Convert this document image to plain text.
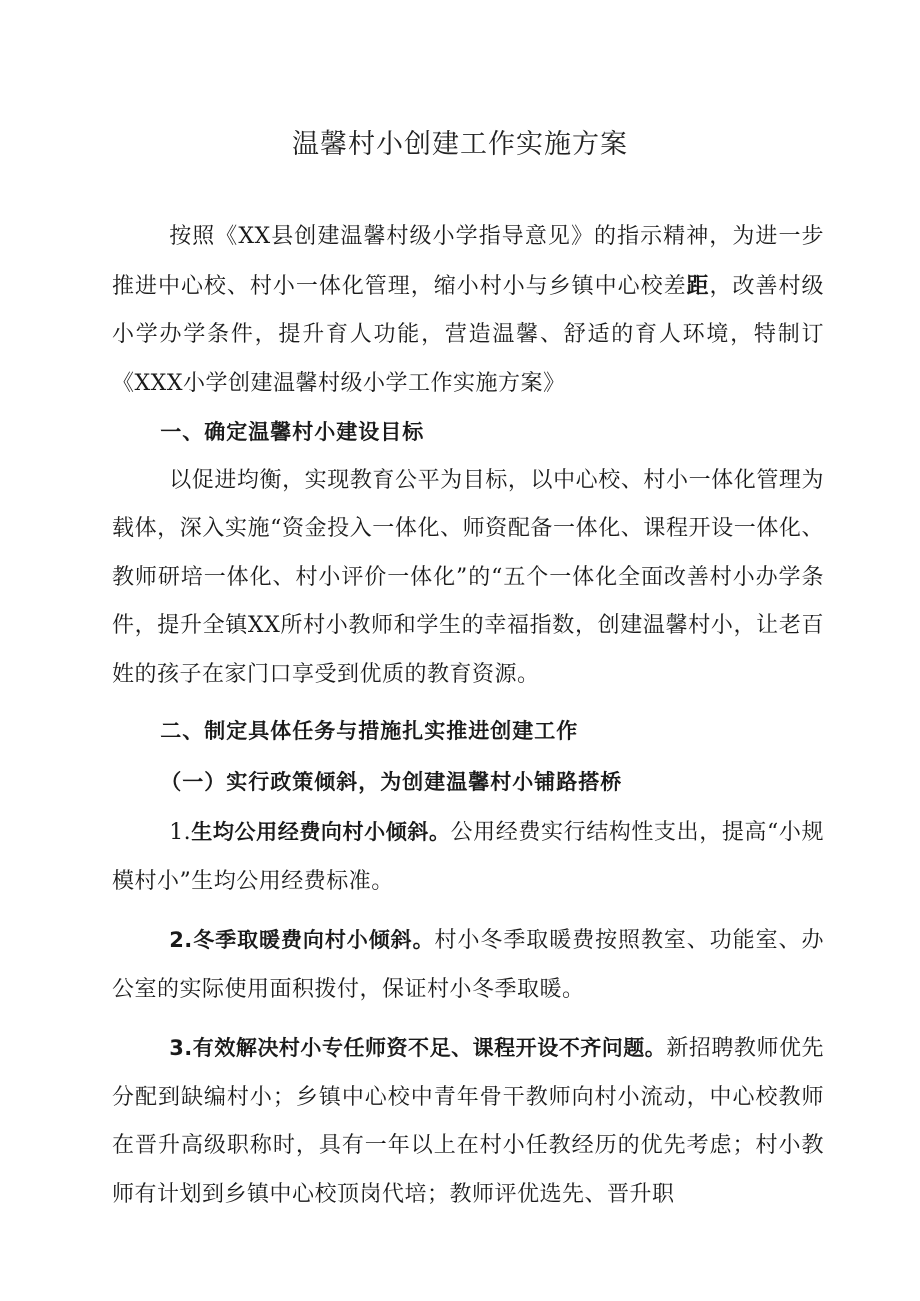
温馨村小创建工作实施方案

按照《XX县创建温馨村级小学指导意见》的指示精神，为进一步推进中心校、村小一体化管理，缩小村小与乡镇中心校差距，改善村级小学办学条件，提升育人功能，营造温馨、舒适的育人环境，特制订《XXX小学创建温馨村级小学工作实施方案》

一、确定温馨村小建设目标

以促进均衡，实现教育公平为目标，以中心校、村小一体化管理为载体，深入实施“资金投入一体化、师资配备一体化、课程开设一体化、教师研培一体化、村小评价一体化”的“五个一体化全面改善村小办学条件，提升全镇XX所村小教师和学生的幸福指数，创建温馨村小，让老百姓的孩子在家门口享受到优质的教育资源。

二、制定具体任务与措施扎实推进创建工作

（一）实行政策倾斜，为创建温馨村小铺路搭桥

1.生均公用经费向村小倾斜。公用经费实行结构性支出，提高“小规模村小”生均公用经费标准。

2.冬季取暖费向村小倾斜。村小冬季取暖费按照教室、功能室、办公室的实际使用面积拨付，保证村小冬季取暖。

3.有效解决村小专任师资不足、课程开设不齐问题。新招聘教师优先分配到缺编村小；乡镇中心校中青年骨干教师向村小流动，中心校教师在晋升高级职称时，具有一年以上在村小任教经历的优先考虑；村小教师有计划到乡镇中心校顶岗代培；教师评优选先、晋升职
